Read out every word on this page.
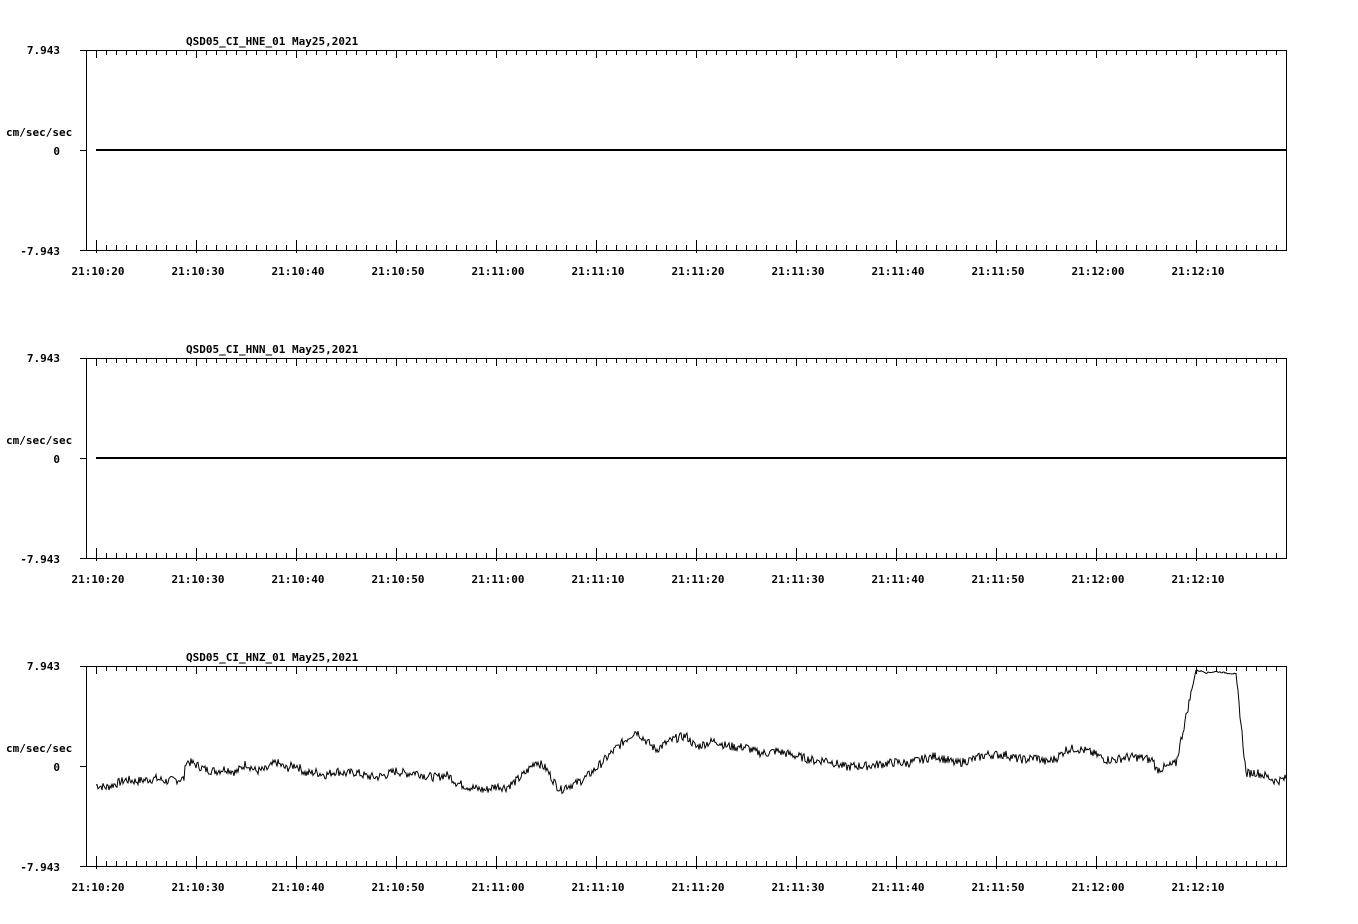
QSD05_CI_HNE_01 May25,2021
cm/sec/sec
7.943
0
-7.943
21:10:20	21:10:30	21:10:40	21:10:50	21:11:00	21:11:10	21:11:20	21:11:30	21:11:40	21:11:50	21:12:00	21:12:10
QSD05_CI_HNN_01 May25,2021
cm/sec/sec
7.943
0
-7.943
21:10:20	21:10:30	21:10:40	21:10:50	21:11:00	21:11:10	21:11:20	21:11:30	21:11:40	21:11:50	21:12:00	21:12:10
QSD05_CI_HNZ_01 May25,2021
cm/sec/sec
7.943
0
-7.943
21:10:20	21:10:30	21:10:40	21:10:50	21:11:00	21:11:10	21:11:20	21:11:30	21:11:40	21:11:50	21:12:00	21:12:10
